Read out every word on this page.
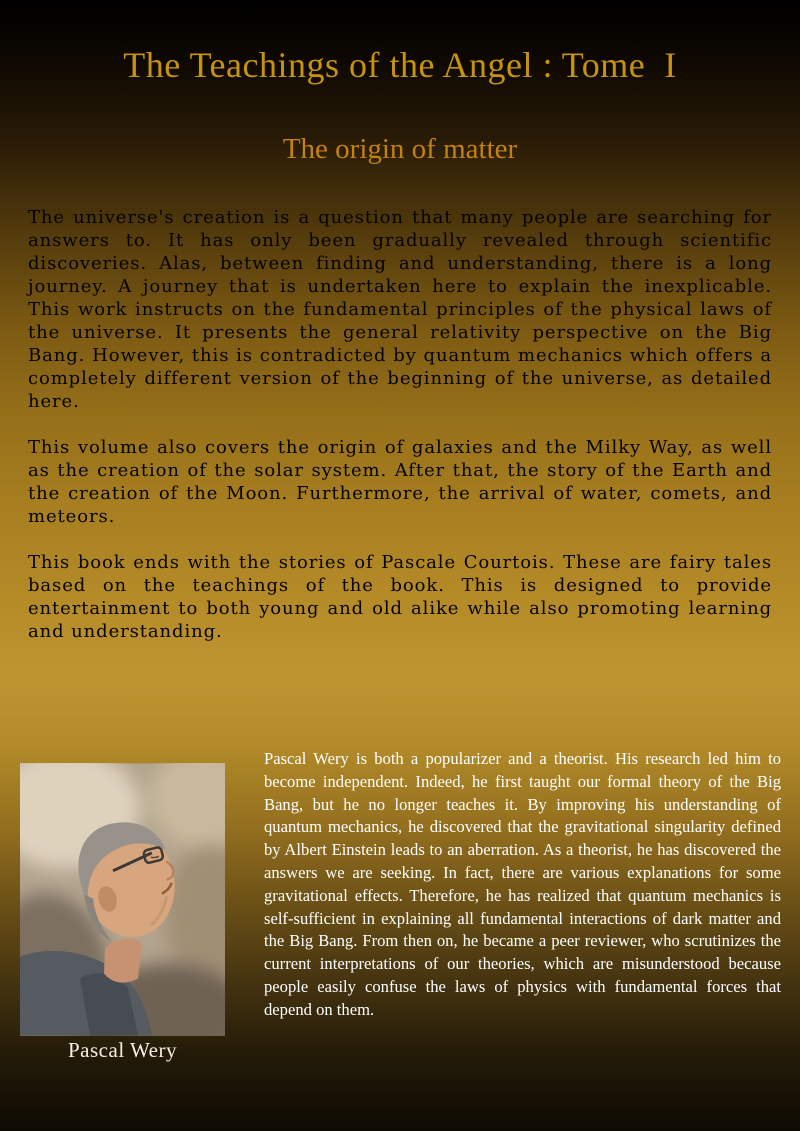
The Teachings of the Angel : Tome  I
The origin of matter

The universe's creation is a question that many people are searching for answers to. It has only been gradually revealed through scientific discoveries. Alas, between finding and understanding, there is a long journey. A journey that is undertaken here to explain the inexplicable. This work instructs on the fundamental principles of the physical laws of the universe. It presents the general relativity perspective on the Big Bang. However, this is contradicted by quantum mechanics which offers a completely different version of the beginning of the universe, as detailed here.

This volume also covers the origin of galaxies and the Milky Way, as well as the creation of the solar system. After that, the story of the Earth and the creation of the Moon. Furthermore, the arrival of water, comets, and meteors.

This book ends with the stories of Pascale Courtois. These are fairy tales based on the teachings of the book. This is designed to provide entertainment to both young and old alike while also promoting learning and understanding.

Pascal Wery
Pascal Wery is both a popularizer and a theorist. His research led him to become independent. Indeed, he first taught our formal theory of the Big Bang, but he no longer teaches it. By improving his understanding of quantum mechanics, he discovered that the gravitational singularity defined by Albert Einstein leads to an aberration. As a theorist, he has discovered the answers we are seeking. In fact, there are various explanations for some gravitational effects. Therefore, he has realized that quantum mechanics is self-sufficient in explaining all fundamental interactions of dark matter and the Big Bang. From then on, he became a peer reviewer, who scrutinizes the current interpretations of our theories, which are misunderstood because people easily confuse the laws of physics with fundamental forces that depend on them.
